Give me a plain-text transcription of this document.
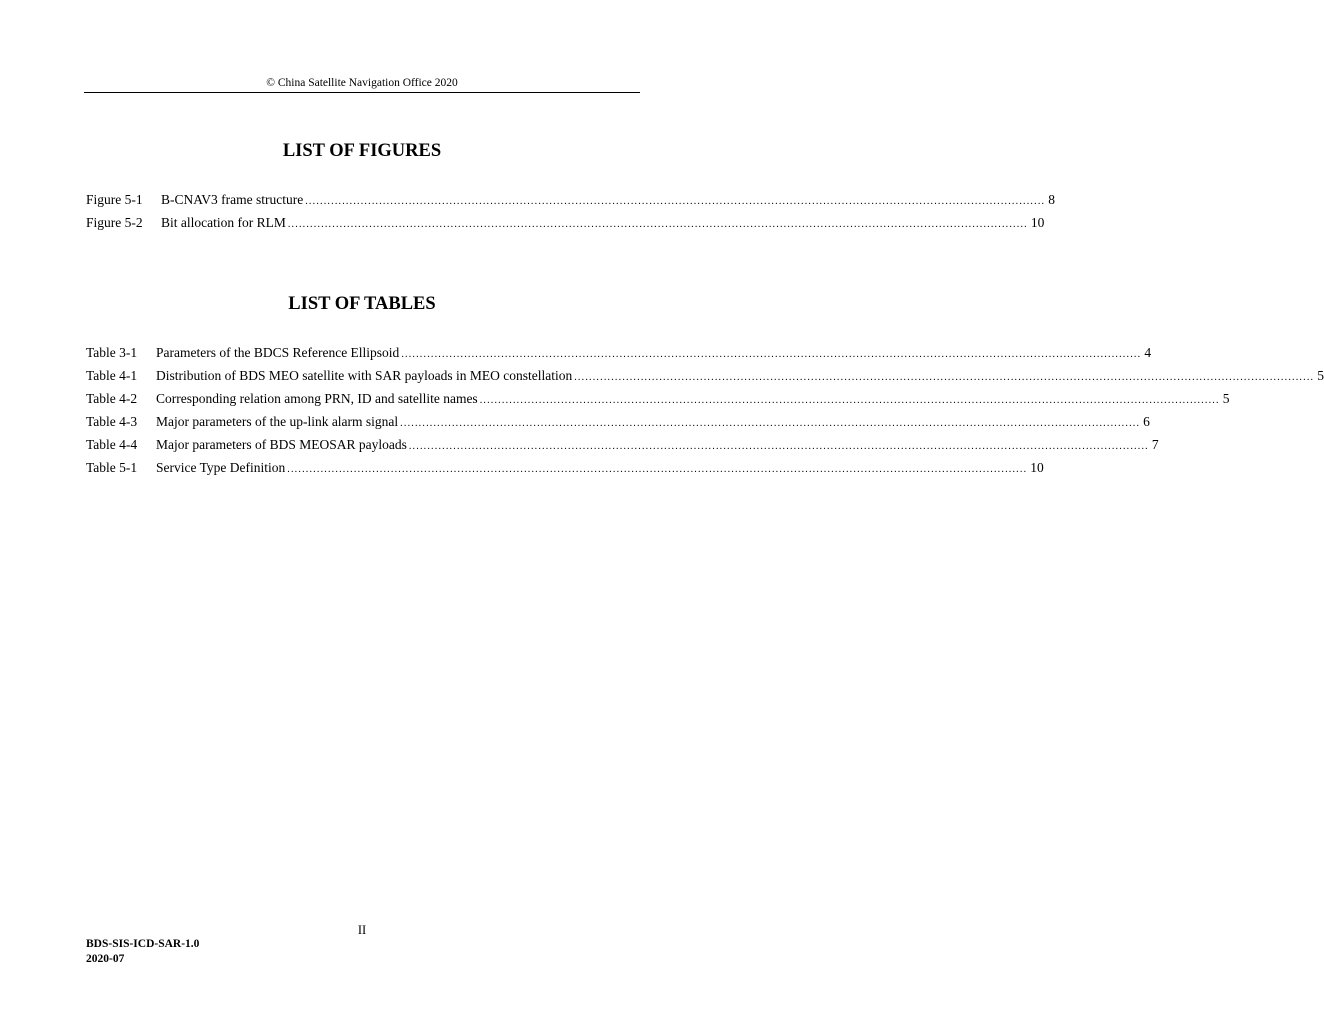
© China Satellite Navigation Office 2020
LIST OF FIGURES
Figure 5-1	B-CNAV3 frame structure ........................................................................................................................................................................................................ 8
Figure 5-2	Bit allocation for RLM ........................................................................................................................................................................................................ 10
LIST OF TABLES
Table 3-1	Parameters of the BDCS Reference Ellipsoid ........................................................................................................................................................................................................ 4
Table 4-1	Distribution of BDS MEO satellite with SAR payloads in MEO constellation ........................................................................................................................................................................................................ 5
Table 4-2	Corresponding relation among PRN, ID and satellite names ........................................................................................................................................................................................................ 5
Table 4-3	Major parameters of the up-link alarm signal ........................................................................................................................................................................................................ 6
Table 4-4	Major parameters of BDS MEOSAR payloads ........................................................................................................................................................................................................ 7
Table 5-1	Service Type Definition ........................................................................................................................................................................................................ 10
II
BDS-SIS-ICD-SAR-1.0
2020-07
